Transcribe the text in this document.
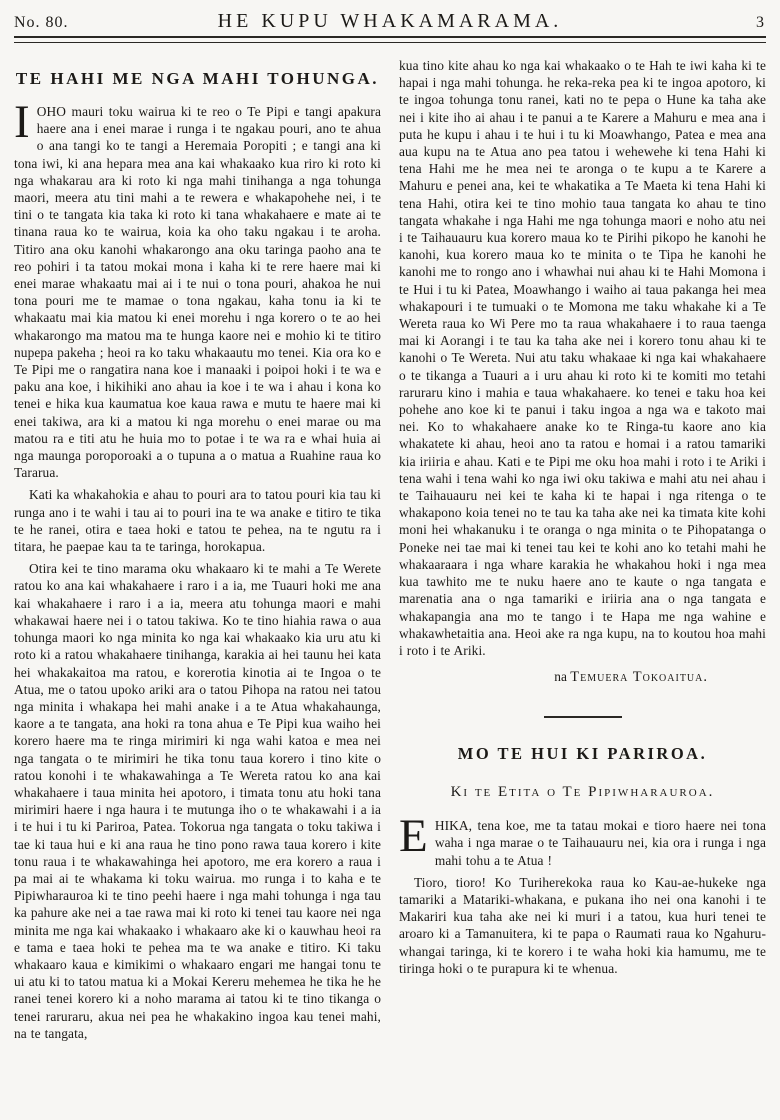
No. 80.	HE KUPU WHAKAMARAMA.	3
TE HAHI ME NGA MAHI TOHUNGA.

IOHO mauri toku wairua ki te reo o Te Pipi e tangi apakura haere ana i enei marae i runga i te ngakau pouri, ano te ahua o ana tangi ko te tangi a Heremaia Poropiti ; e tangi ana ki tona iwi, ki ana hepara mea ana kai whakaako kua riro ki roto ki nga whakarau ara ki roto ki nga mahi tinihanga a nga tohunga maori, meera atu tini mahi a te rewera e whakapohehe nei, i te tini o te tangata kia taka ki roto ki tana whakahaere e mate ai te tinana raua ko te wairua, koia ka oho taku ngakau i te aroha. Titiro ana oku kanohi whakarongo ana oku taringa paoho ana te reo pohiri i ta tatou mokai mona i kaha ki te rere haere mai ki enei marae whakaatu mai ai i te nui o tona pouri, ahakoa he nui tona pouri me te mamae o tona ngakau, kaha tonu ia ki te whakaatu mai kia matou ki enei morehu i nga korero o te ao hei whakarongo ma matou ma te hunga kaore nei e mohio ki te titiro nupepa pakeha ; heoi ra ko taku whakaautu mo tenei. Kia ora ko e Te Pipi me o rangatira nana koe i manaaki i poipoi hoki i te wa e paku ana koe, i hikihiki ano ahau ia koe i te wa i ahau i kona ko tenei e hika kua kaumatua koe kaua rawa e mutu te haere mai ki enei takiwa, ara ki a matou ki nga morehu o enei marae ou ma matou ra e titi atu he huia mo to potae i te wa ra e whai huia ai nga maunga poroporoaki a o tupuna a o matua a Ruahine raua ko Tararua.

Kati ka whakahokia e ahau to pouri ara to tatou pouri kia tau ki runga ano i te wahi i tau ai to pouri ina te wa anake e titiro te tika te he ranei, otira e taea hoki e tatou te pehea, na te ngutu ra i titara, he paepae kau ta te taringa, horokapua.

Otira kei te tino marama oku whakaaro ki te mahi a Te Werete ratou ko ana kai whakahaere i raro i a ia, me Tuauri hoki me ana kai whakahaere i raro i a ia, meera atu tohunga maori e mahi whakawai haere nei i o tatou takiwa. Ko te tino hiahia rawa o aua tohunga maori ko nga minita ko nga kai whakaako kia uru atu ki roto ki a ratou whakahaere tinihanga, karakia ai hei taunu hei kata hei whakakaitoa ma ratou, e korerotia kinotia ai te Ingoa o te Atua, me o tatou upoko ariki ara o tatou Pihopa na ratou nei tatou nga minita i whakapa hei mahi anake i a te Atua whakahaunga, kaore a te tangata, ana hoki ra tona ahua e Te Pipi kua waiho hei korero haere ma te ringa mirimiri ki nga wahi katoa e mea nei nga tangata o te mirimiri he tika tonu taua korero i tino kite o ratou konohi i te whakawahinga a Te Wereta ratou ko ana kai whakahaere i taua minita hei apotoro, i timata tonu atu hoki tana mirimiri haere i nga haura i te mutunga iho o te whakawahi i a ia i te hui i tu ki Pariroa, Patea. Tokorua nga tangata o toku takiwa i tae ki taua hui e ki ana raua he tino pono rawa taua korero i kite tonu raua i te whakawahinga hei apotoro, me era korero a raua i pa mai ai te whakama ki toku wairua. mo runga i to kaha e te Pipiwharauroa ki te tino peehi haere i nga mahi tohunga i nga tau ka pahure ake nei a tae rawa mai ki roto ki tenei tau kaore nei nga minita me nga kai whakaako i whakaaro ake ki o kauwhau heoi ra e tama e taea hoki te pehea ma te wa anake e titiro. Ki taku whakaaro kaua e kimikimi o whakaaro engari me hangai tonu te ui atu ki to tatou matua ki a Mokai Kereru mehemea he tika he he ranei tenei korero ki a noho marama ai tatou ki te tino tikanga o tenei raruraru, akua nei pea he whakakino ingoa kau tenei mahi, na te tangata,

kua tino kite ahau ko nga kai whakaako o te Hah te iwi kaha ki te hapai i nga mahi tohunga. he reka-reka pea ki te ingoa apotoro, ki te ingoa tohunga tonu ranei, kati no te pepa o Hune ka taha ake nei i kite iho ai ahau i te panui a te Karere a Mahuru e mea ana i puta he kupu i ahau i te hui i tu ki Moawhango, Patea e mea ana aua kupu na te Atua ano pea tatou i wehewehe ki tena Hahi ki tena Hahi me he mea nei te aronga o te kupu a te Karere a Mahuru e penei ana, kei te whakatika a Te Maeta ki tena Hahi ki tena Hahi, otira kei te tino mohio taua tangata ko ahau te tino tangata whakahe i nga Hahi me nga tohunga maori e noho atu nei i te Taihauauru kua korero maua ko te Pirihi pikopo he kanohi he kanohi, kua korero maua ko te minita o te Tipa he kanohi he kanohi me to rongo ano i whawhai nui ahau ki te Hahi Momona i te Hui i tu ki Patea, Moawhango i waiho ai taua pakanga hei mea whakapouri i te tumuaki o te Momona me taku whakahe ki a Te Wereta raua ko Wi Pere mo ta raua whakahaere i to raua taenga mai ki Aorangi i te tau ka taha ake nei i korero tonu ahau ki te kanohi o Te Wereta. Nui atu taku whakaae ki nga kai whakahaere o te tikanga a Tuauri a i uru ahau ki roto ki te komiti mo tetahi raruraru kino i mahia e taua whakahaere. ko tenei e taku hoa kei pohehe ano koe ki te panui i taku ingoa a nga wa e takoto mai nei. Ko to whakahaere anake ko te Ringa-tu kaore ano kia whakatete ki ahau, heoi ano ta ratou e homai i a ratou tamariki kia iriiria e ahau. Kati e te Pipi me oku hoa mahi i roto i te Ariki i tena wahi i tena wahi ko nga iwi oku takiwa e mahi atu nei ahau i te Taihauauru nei kei te kaha ki te hapai i nga ritenga o te whakapono koia tenei no te tau ka taha ake nei ka timata kite kohi moni hei whakanuku i te oranga o nga minita o te Pihopatanga o Poneke nei tae mai ki tenei tau kei te kohi ano ko tetahi mahi he whakaaraara i nga whare karakia he whakahou hoki i nga mea kua tawhito me te nuku haere ano te kaute o nga tangata e marenatia ana o nga tamariki e iriiria ana o nga tangata e whakapangia ana mo te tango i te Hapa me nga wahine e whakawhetaitia ana. Heoi ake ra nga kupu, na to koutou hoa mahi i roto i te Ariki.

na Temuera Tokoaitua.

MO TE HUI KI PARIROA.

Ki te Etita o Te Pipiwharauroa.

EHIKA, tena koe, me ta tatau mokai e tioro haere nei tona waha i nga marae o te Taihauauru nei, kia ora i runga i nga mahi tohu a te Atua !

Tioro, tioro! Ko Turiherekoka raua ko Kau-ae-hukeke nga tamariki a Matariki-whakana, e pukana iho nei ona kanohi i te Makariri kua taha ake nei ki muri i a tatou, kua huri tenei te aroaro ki a Tamanuitera, ki te papa o Raumati raua ko Ngahuru-whangai taringa, ki te korero i te waha hoki kia hamumu, me te tiringa hoki o te purapura ki te whenua.
